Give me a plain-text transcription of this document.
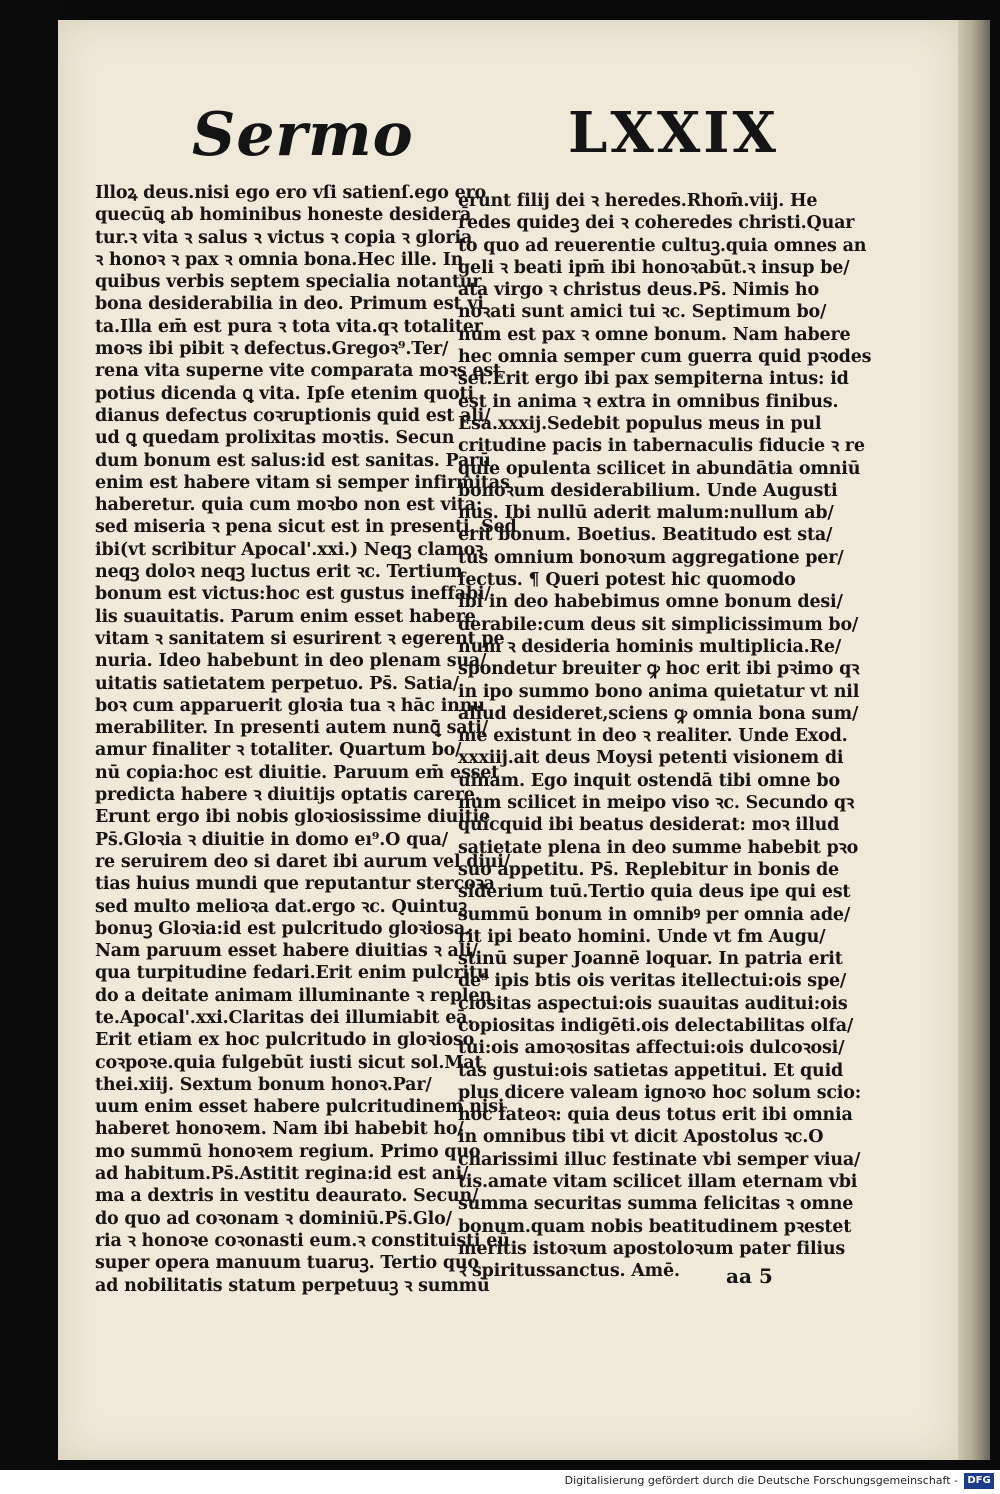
Sermo	LXXIX
Illoꝝ deus.nisi ego ero vſi satienſ.ego ero
quecūꝗ ab hominibus honeste desiderā
tur.ꝛ vita ꝛ salus ꝛ victus ꝛ copia ꝛ gloria
ꝛ honoꝛ ꝛ pax ꝛ omnia bona.Hec ille. In
quibus verbis septem specialia notantur
bona desiderabilia in deo. Primum est vi
ta.Illa em̄ est pura ꝛ tota vita.qꝛ totaliter
moꝛs ibi pibit ꝛ defectus.Gregoꝛ⁹.Ter/
rena vita superne vite comparata moꝛs est
potius dicenda ꝗ vita. Ipſe etenim quoti
dianus defectus coꝛruptionis quid est ali/
ud ꝗ quedam prolixitas moꝛtis. Secun
dum bonum est salus:id est sanitas. Parū
enim est habere vitam si semper infirmitas
haberetur. quia cum moꝛbo non est vita:
sed miseria ꝛ pena sicut est in presenti. Sed
ibi(vt scribitur Apocal'.xxi.) Neqꝫ clamoꝛ
neqꝫ doloꝛ neqꝫ luctus erit ꝛc. Tertium
bonum est victus:hoc est gustus ineffabi/
lis suauitatis. Parum enim esset habere
vitam ꝛ sanitatem si esurirent ꝛ egerent pe
nuria. Ideo habebunt in deo plenam sua/
uitatis satietatem perpetuo. Ps̄. Satia/
boꝛ cum apparuerit gloꝛia tua ꝛ hāc innu
merabiliter. In presenti autem nunꝗ̄ sati/
amur finaliter ꝛ totaliter. Quartum bo/
nū copia:hoc est diuitie. Paruum em̄ esset
predicta habere ꝛ diuitijs optatis carere.
Erunt ergo ibi nobis gloꝛiosissime diuitie
Ps̄.Gloꝛia ꝛ diuitie in domo eı⁹.O qua/
re seruirem deo si daret ibi aurum vel diui/
tias huius mundi que reputantur stercoꝛa
sed multo melioꝛa dat.ergo ꝛc. Quintuꝫ
bonuꝫ Gloꝛia:id est pulcritudo gloꝛiosa.
Nam paruum esset habere diuitias ꝛ ali/
qua turpitudine fedari.Erit enim pulcritu
do a deitate animam illuminante ꝛ replen
te.Apocal'.xxi.Claritas dei illumiabit eā.
Erit etiam ex hoc pulcritudo in gloꝛioso
coꝛpoꝛe.quia fulgebūt iusti sicut sol.Mat
thei.xiij. Sextum bonum honoꝛ.Par/
uum enim esset habere pulcritudinem nisi
haberet honoꝛem. Nam ibi habebit ho/
mo summū honoꝛem regium. Primo quo
ad habitum.Ps̄.Astitit regina:id est ani/
ma a dextris in vestitu deaurato. Secun/
do quo ad coꝛonam ꝛ dominiū.Ps̄.Glo/
ria ꝛ honoꝛe coꝛonasti eum.ꝛ constituisti eū
super opera manuum tuaruꝫ. Tertio quo
ad nobilitatis statum perpetuuꝫ ꝛ summū
erunt filij dei ꝛ heredes.Rhom̄.viij. He
redes quideꝫ dei ꝛ coheredes christi.Quar
to quo ad reuerentie cultuꝫ.quia omnes an
geli ꝛ beati ipm̄ ibi honoꝛabūt.ꝛ insup be/
ata virgo ꝛ christus deus.Ps̄. Nimis ho
noꝛati sunt amici tui ꝛc. Septimum bo/
num est pax ꝛ omne bonum. Nam habere
hec omnia semper cum guerra quid pꝛodes
set.Erit ergo ibi pax sempiterna intus: id
est in anima ꝛ extra in omnibus finibus.
Esa.xxxij.Sedebit populus meus in pul
critudine pacis in tabernaculis fiducie ꝛ re
quie opulenta scilicet in abundātia omniū
bonoꝛum desiderabilium. Unde Augusti
nus. Ibi nullū aderit malum:nullum ab/
erit bonum. Boetius. Beatitudo est sta/
tus omnium bonoꝛum aggregatione per/
fectus. ¶ Queri potest hic quomodo
ibi in deo habebimus omne bonum desi/
derabile:cum deus sit simplicissimum bo/
num ꝛ desideria hominis multiplicia.Re/
spondetur breuiter ꝙ hoc erit ibi pꝛimo qꝛ
in ipo summo bono anima quietatur vt nil
aliud desideret,sciens ꝙ omnia bona sum/
me existunt in deo ꝛ realiter. Unde Exod.
xxxiij.ait deus Moysi petenti visionem di
uinam. Ego inquit ostendā tibi omne bo
num scilicet in meipo viso ꝛc. Secundo qꝛ
quicquid ibi beatus desiderat: moꝛ illud
satietate plena in deo summe habebit pꝛo
suo appetitu. Ps̄. Replebitur in bonis de
siderium tuū.Tertio quia deus ipe qui est
summū bonum in omnibꝰ per omnia ade/
rit ipi beato homini. Unde vt fm Augu/
stinū super Joannē loquar. In patria erit
de⁹ ipis btis ois veritas itellectui:ois spe/
ciositas aspectui:ois suauitas auditui:ois
copiositas indigēti.ois delectabilitas olfa/
tui:ois amoꝛositas affectui:ois dulcoꝛosi/
tas gustui:ois satietas appetitui. Et quid
plus dicere valeam ignoꝛo hoc solum scio:
hoc fateoꝛ: quia deus totus erit ibi omnia
in omnibus tibi vt dicit Apostolus ꝛc.O
charissimi illuc festinate vbi semper viua/
tis.amate vitam scilicet illam eternam vbi
summa securitas summa felicitas ꝛ omne
bonum.quam nobis beatitudinem pꝛestet
meritis istoꝛum apostoloꝛum pater filius
ꝛ spiritussanctus. Amē.	aa 5
Digitalisierung gefördert durch die Deutsche Forschungsgemeinschaft - DFG
